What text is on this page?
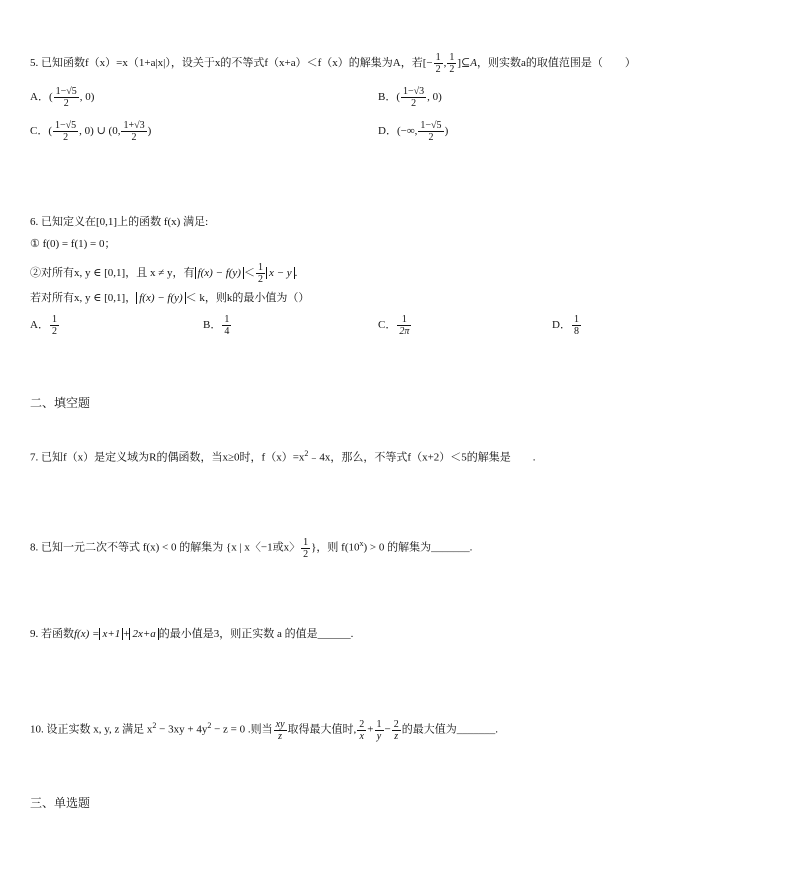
5. 已知函数f（x）=x（1+a|x|），设关于x的不等式f（x+a）＜f（x）的解集为A，若[− $\frac{1}{2}$ , $\frac{1}{2}$ ]⊆A，则实数a的取值范围是（　　）
A．( $\frac{1-√5}{2}$ , 0)	B．( $\frac{1-√3}{2}$ , 0)
C．( $\frac{1-√5}{2}$ , 0) ∪ (0, $\frac{1+√3}{2}$ )	D．(−∞, $\frac{1-√5}{2}$ )
6. 已知定义在[0,1]上的函数 f(x) 满足:
① f(0) = f(1) = 0；
②对所有x, y ∈ [0,1]，且 x ≠ y，有 $f(x) - f(y) < \frac{1}{2}$ x − y .
若对所有x, y ∈ [0,1]， f(x) − f(y) ＜ k，则k的最小值为（）
A． $\frac{1}{2}$	B． $\frac{1}{4}$	C． $\frac{1}{2\pi}$	D． $\frac{1}{8}$
二、填空题
7. 已知f（x）是定义域为R的偶函数，当x≥0时，$f(x)=x^2﹣4x$，那么，不等式f（x+2）＜5的解集是　　.
8. 已知一元二次不等式 f(x) < 0 的解集为 {x | x〈−1或x〉 $\frac{1}{2}$ }，则 $f(10^x) > 0$ 的解集为_______.
9. 若函数f(x) = x+1 + 2x+a 的最小值是3，则正实数 a 的值是______.
10. 设正实数 x, y, z 满足 $x^2 - 3xy + 4y^2 - z = 0$ .则当 $\frac{xy}{z}$ 取得最大值时, $\frac{2}{x} + \frac{1}{y} - \frac{2}{z}$ 的最大值为_______.
三、单选题
